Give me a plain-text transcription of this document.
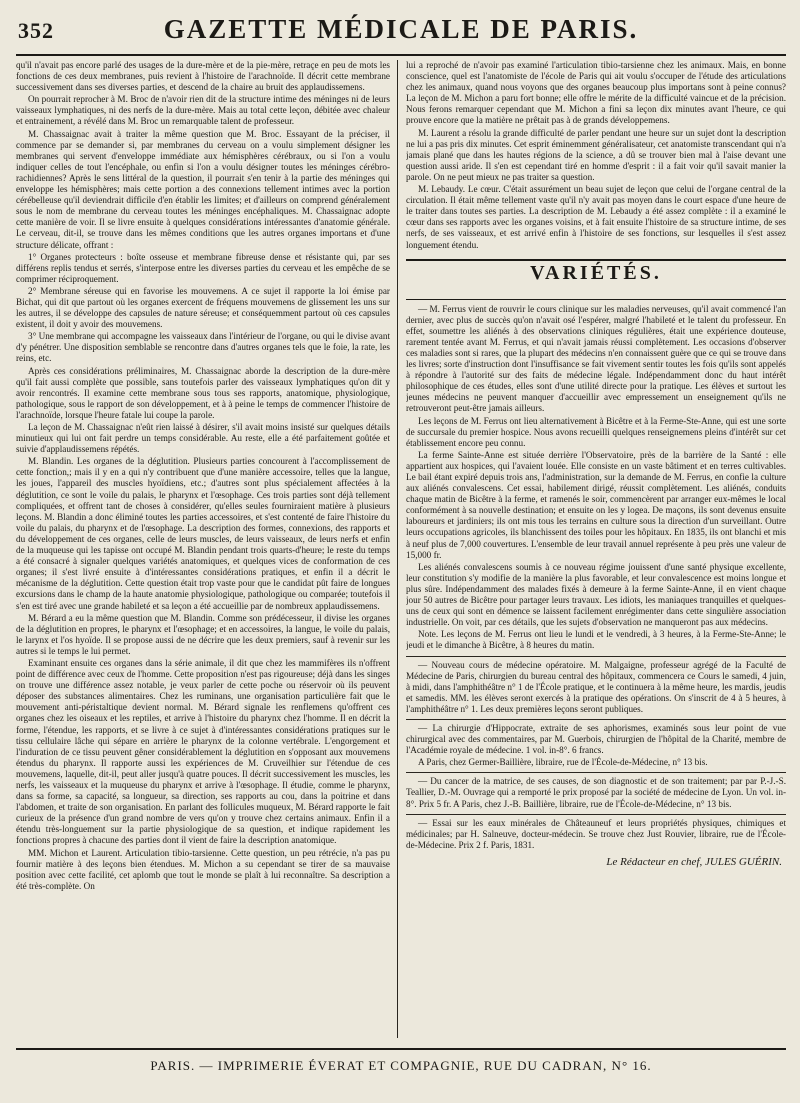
352	GAZETTE MÉDICALE DE PARIS.

qu'il n'avait pas encore parlé des usages de la dure-mère et de la pie-mère, retraçe en peu de mots les fonctions de ces deux membranes, puis revient à l'histoire de l'arachnoïde. Il décrit cette membrane successivement dans ses diverses parties, et descend de la chaire au bruit des applaudissemens.

On pourrait reprocher à M. Broc de n'avoir rien dit de la structure intime des méninges ni de leurs vaisseaux lymphatiques, ni des nerfs de la dure-mère. Mais au total cette leçon, débitée avec chaleur et entrainement, a révélé dans M. Broc un remarquable talent de professeur.

M. Chassaignac avait à traiter la même question que M. Broc. Essayant de la préciser, il commence par se demander si, par membranes du cerveau on a voulu simplement désigner les membranes qui servent d'enveloppe immédiate aux hémisphères cérébraux, ou si l'on a voulu indiquer celles de tout l'encéphale, ou enfin si l'on a voulu désigner toutes les méninges cérébro-rachidiennes? Après le sens littéral de la question, il pourrait s'en tenir à la partie des méninges qui enveloppe les hémisphères; mais cette portion a des connexions tellement intimes avec la portion cérébelleuse qu'il deviendrait difficile d'en établir les limites; et d'ailleurs on comprend généralement sous le nom de membrane du cerveau toutes les méninges encéphaliques. M. Chassaignac adopte cette manière de voir. Il se livre ensuite à quelques considérations intéressantes d'anatomie générale. Le cerveau, dit-il, se trouve dans les mêmes conditions que les autres organes importans et d'une structure délicate, offrant :

1° Organes protecteurs : boîte osseuse et membrane fibreuse dense et résistante qui, par ses différens replis tendus et serrés, s'interpose entre les diverses parties du cerveau et les empêche de se comprimer réciproquement.

2° Membrane séreuse qui en favorise les mouvemens. A ce sujet il rapporte la loi émise par Bichat, qui dit que partout où les organes exercent de fréquens mouvemens de glissement les uns sur les autres, il se développe des capsules de nature séreuse; et conséquemment partout où ces capsules existent, il doit y avoir des mouvemens.

3° Une membrane qui accompagne les vaisseaux dans l'intérieur de l'organe, ou qui le divise avant d'y pénétrer. Une disposition semblable se rencontre dans d'autres organes tels que le foie, la rate, les reins, etc.

Après ces considérations préliminaires, M. Chassaignac aborde la description de la dure-mère qu'il fait aussi complète que possible, sans toutefois parler des vaisseaux lymphatiques qu'on dit y avoir rencontrés. Il examine cette membrane sous tous ses rapports, anatomique, physiologique, pathologique, sous le rapport de son développement, et à à peine le temps de commencer l'histoire de l'arachnoïde, lorsque l'heure fatale lui coupe la parole.

La leçon de M. Chassaignac n'eût rien laissé à désirer, s'il avait moins insisté sur quelques détails minutieux qui lui ont fait perdre un temps considérable. Au reste, elle a été parfaitement goûtée et suivie d'applaudissemens répétés.

M. Blandin. Les organes de la déglutition. Plusieurs parties concourent à l'accomplissement de cette fonction,; mais il y en a qui n'y contribuent que d'une manière accessoire, telles que la langue, les joues, l'appareil des muscles hyoïdiens, etc.; d'autres sont plus spécialement affectées à la déglutition, ce sont le voile du palais, le pharynx et l'œsophage. Ces trois parties sont déjà tellement compliquées, et offrent tant de choses à considérer, qu'elles seules fourniraient matière à plusieurs leçons. M. Blandin a donc éliminé toutes les parties accessoires, et s'est contenté de faire l'histoire du voile du palais, du pharynx et de l'œsophage. La description des formes, connexions, des rapports et du développement de ces organes, celle de leurs muscles, de leurs vaisseaux, de leurs nerfs et enfin de la muqueuse qui les tapisse ont occupé M. Blandin pendant trois quarts-d'heure; le reste du temps a été consacré à signaler quelques variétés anatomiques, et quelques vices de conformation de ces organes; il s'est livré ensuite à d'intéressantes considérations pratiques, et enfin il a décrit le mécanisme de la déglutition. Cette question était trop vaste pour que le candidat pût faire de longues excursions dans le champ de la haute anatomie physiologique, pathologique ou comparée; toutefois il s'en est tiré avec une grande habileté et sa leçon a été accueillie par de nombreux applaudissemens.

M. Bérard a eu la même question que M. Blandin. Comme son prédécesseur, il divise les organes de la déglutition en propres, le pharynx et l'œsophage; et en accessoires, la langue, le voile du palais, le larynx et l'os hyoïde. Il se propose aussi de ne décrire que les deux premiers, sauf à revenir sur les autres si le temps le lui permet.

Examinant ensuite ces organes dans la série animale, il dit que chez les mammifères ils n'offrent point de différence avec ceux de l'homme. Cette proposition n'est pas rigoureuse; déjà dans les singes on trouve une différence assez notable, je veux parler de cette poche ou réservoir où ils peuvent déposer des substances alimentaires. Chez les ruminans, une organisation particulière fait que le mouvement anti-péristaltique devient normal. M. Bérard signale les renflemens qu'offrent ces organes chez les oiseaux et les reptiles, et arrive à l'histoire du pharynx chez l'homme. Il en décrit la forme, l'étendue, les rapports, et se livre à ce sujet à d'intéressantes considérations pratiques sur le tissu cellulaire lâche qui sépare en arrière le pharynx de la colonne vertébrale. L'engorgement et l'induration de ce tissu peuvent gêner considérablement la déglutition en s'opposant aux mouvemens étendus du pharynx. Il rapporte aussi les expériences de M. Cruveilhier sur l'étendue de ces mouvemens, laquelle, dit-il, peut aller jusqu'à quatre pouces. Il décrit successivement les muscles, les nerfs, les vaisseaux et la muqueuse du pharynx et arrive à l'œsophage. Il étudie, comme le pharynx, dans sa forme, sa capacité, sa longueur, sa direction, ses rapports au cou, dans la poitrine et dans l'abdomen, et traite de son organisation. En parlant des follicules muqueux, M. Bérard rapporte le fait curieux de la présence d'un grand nombre de vers qu'on y trouve chez certains animaux. Enfin il a étendu très-longuement sur la partie physiologique de sa question, et indique rapidement les fonctions propres à chacune des parties dont il vient de faire la description anatomique.

MM. Michon et Laurent. Articulation tibio-tarsienne. Cette question, un peu rétrécie, n'a pas pu fournir matière à des leçons bien étendues. M. Michon a su cependant se tirer de sa mauvaise position avec cette facilité, cet aplomb que tout le monde se plaît à lui reconnaître. Sa description a été très-complète. On

lui a reproché de n'avoir pas examiné l'articulation tibio-tarsienne chez les animaux. Mais, en bonne conscience, quel est l'anatomiste de l'école de Paris qui ait voulu s'occuper de l'étude des articulations chez les animaux, quand nous voyons que des organes beaucoup plus importans sont à peine connus? La leçon de M. Michon a paru fort bonne; elle offre le mérite de la difficulté vaincue et de la précision. Nous ferons remarquer cependant que M. Michon a fini sa leçon dix minutes avant l'heure, ce qui prouve encore que la matière ne prêtait pas à de grands développemens.

M. Laurent a résolu la grande difficulté de parler pendant une heure sur un sujet dont la description ne lui a pas pris dix minutes. Cet esprit éminemment généralisateur, cet anatomiste transcendant qui n'a jamais plané que dans les hautes régions de la science, a dû se trouver bien mal à l'aise devant une question aussi aride. Il s'en est cependant tiré en homme d'esprit : il a fait voir qu'il savait manier la parole. On ne peut mieux ne pas traiter sa question.

M. Lebaudy. Le cœur. C'était assurément un beau sujet de leçon que celui de l'organe central de la circulation. Il était même tellement vaste qu'il n'y avait pas moyen dans le court espace d'une heure de le traiter dans toutes ses parties. La description de M. Lebaudy a été assez complète : il a examiné le cœur dans ses rapports avec les organes voisins, et à fait ensuite l'histoire de sa structure intime, de ses nerfs, de ses vaisseaux, et est arrivé enfin à l'histoire de ses fonctions, sur lesquelles il s'est assez longuement étendu.

VARIÉTÉS.

— M. Ferrus vient de rouvrir le cours clinique sur les maladies nerveuses, qu'il avait commencé l'an dernier, avec plus de succès qu'on n'avait osé l'espérer, malgré l'habileté et le talent du professeur. En effet, soumettre les aliénés à des observations cliniques régulières, était une expérience douteuse, rarement tentée avant M. Ferrus, et qui n'avait jamais réussi complètement. Les occasions d'observer ces maladies sont si rares, que la plupart des médecins n'en connaissent guère que ce qui se trouve dans les livres; sorte d'instruction dont l'insuffisance se fait vivement sentir toutes les fois qu'ils sont appelés à répondre à l'autorité sur des faits de médecine légale. Indépendamment donc du haut intérêt philosophique de ces études, elles sont d'une utilité directe pour la pratique. Les élèves et surtout les jeunes médecins ne peuvent manquer d'accueillir avec empressement un enseignement qu'ils ne retrouveront peut-être jamais ailleurs.

Les leçons de M. Ferrus ont lieu alternativement à Bicêtre et à la Ferme-Ste-Anne, qui est une sorte de succursale du premier hospice. Nous avons recueilli quelques renseignemens pleins d'intérêt sur cet établissement encore peu connu.

La ferme Sainte-Anne est située derrière l'Observatoire, près de la barrière de la Santé : elle appartient aux hospices, qui l'avaient louée. Elle consiste en un vaste bâtiment et en terres cultivables. Le bail étant expiré depuis trois ans, l'administration, sur la demande de M. Ferrus, en confie la culture aux aliénés convalescens. Cet essai, habilement dirigé, réussit complètement. Les aliénés, conduits chaque matin de Bicêtre à la ferme, et ramenés le soir, commencèrent par arranger eux-mêmes le local conformément à sa nouvelle destination; et ensuite on les y logea. De maçons, ils sont devenus ensuite laboureurs et jardiniers; ils ont mis tous les terrains en culture sous la direction d'un surveillant. Outre leurs occupations agricoles, ils blanchissent des toiles pour les hôpitaux. En 1835, ils ont blanchi et mis à neuf plus de 7,000 couvertures. L'ensemble de leur travail annuel représente à peu près une valeur de 15,000 fr.

Les aliénés convalescens soumis à ce nouveau régime jouissent d'une santé physique excellente, leur constitution s'y modifie de la manière la plus favorable, et leur convalescence est moins longue et plus sûre. Indépendamment des malades fixés à demeure à la ferme Sainte-Anne, il en vient chaque jour 50 autres de Bicêtre pour partager leurs travaux. Les idiots, les maniaques tranquilles et quelques-uns de ceux qui sont en démence se laissent facilement enrégimenter dans cette singulière association industrielle. On voit, par ces détails, que les sujets d'observation ne manqueront pas aux médecins.

Note. Les leçons de M. Ferrus ont lieu le lundi et le vendredi, à 3 heures, à la Ferme-Ste-Anne; le jeudi et le dimanche à Bicêtre, à 8 heures du matin.

— Nouveau cours de médecine opératoire. M. Malgaigne, professeur agrégé de la Faculté de Médecine de Paris, chirurgien du bureau central des hôpitaux, commencera ce Cours le samedi, 4 juin, à midi, dans l'amphithéâtre n° 1 de l'École pratique, et le continuera à la même heure, les mardis, jeudis et samedis. MM. les élèves seront exercés à la pratique des opérations. On s'inscrit de 4 à 5 heures, à l'amphithéâtre n° 1. Les deux premières leçons seront publiques.

— La chirurgie d'Hippocrate, extraite de ses aphorismes, examinés sous leur point de vue chirurgical avec des commentaires, par M. Guerbois, chirurgien de l'hôpital de la Charité, membre de l'Académie royale de médecine. 1 vol. in-8°. 6 francs.

A Paris, chez Germer-Baillière, libraire, rue de l'École-de-Médecine, n° 13 bis.

— Du cancer de la matrice, de ses causes, de son diagnostic et de son traitement; par par P.-J.-S. Teallier, D.-M. Ouvrage qui a remporté le prix proposé par la société de médecine de Lyon. Un vol. in-8°. Prix 5 fr. A Paris, chez J.-B. Baillière, libraire, rue de l'École-de-Médecine, n° 13 bis.

— Essai sur les eaux minérales de Châteauneuf et leurs propriétés physiques, chimiques et médicinales; par H. Salneuve, docteur-médecin. Se trouve chez Just Rouvier, libraire, rue de l'École-de-Médecine. Prix 2 f. Paris, 1831.

Le Rédacteur en chef, JULES GUÉRIN.
PARIS. — IMPRIMERIE ÉVERAT ET COMPAGNIE, RUE DU CADRAN, N° 16.
